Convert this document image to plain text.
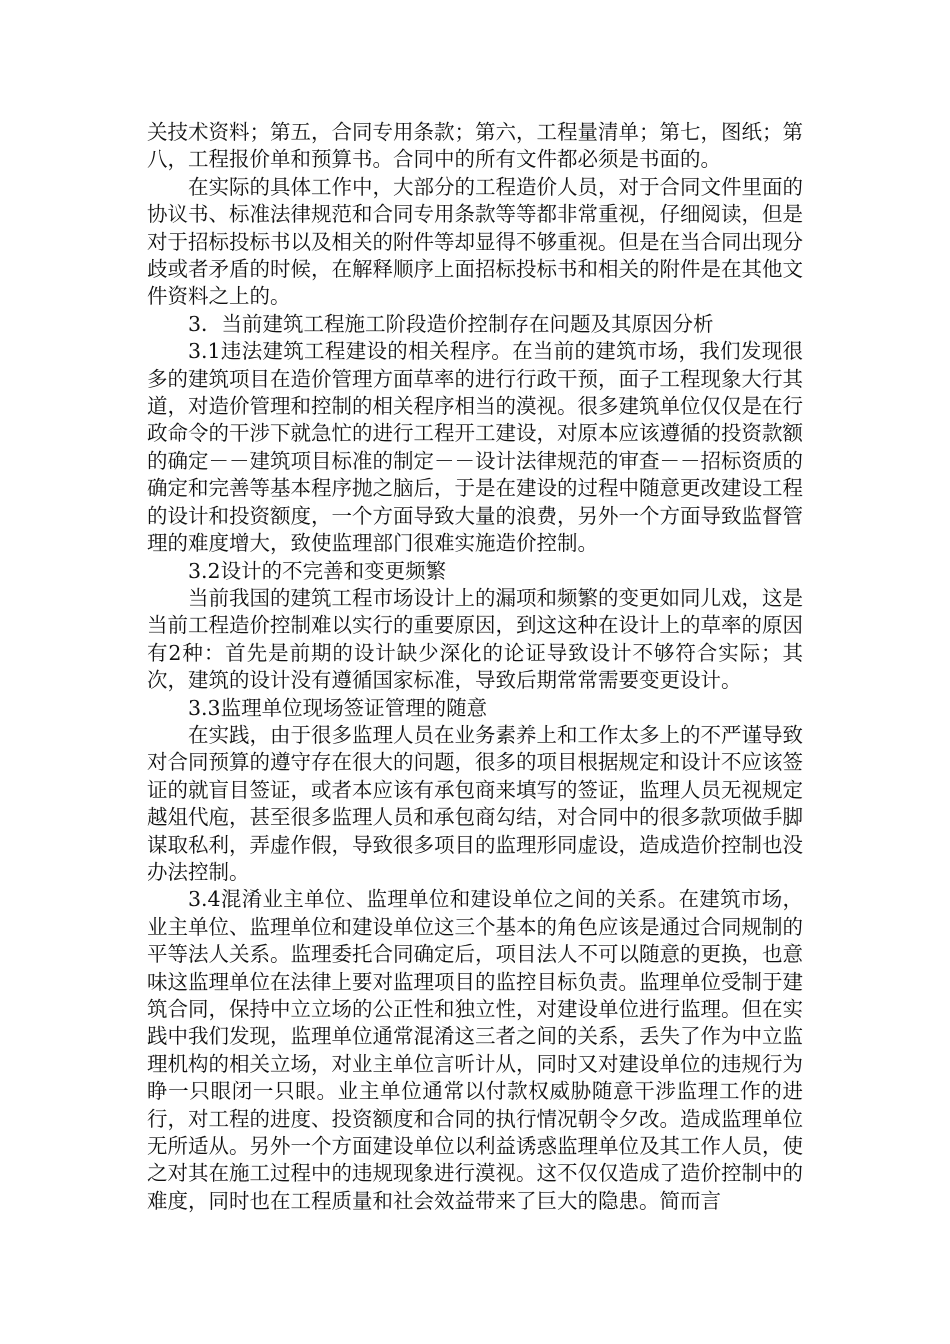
关技术资料；第五，合同专用条款；第六，工程量清单；第七，图纸；第八，工程报价单和预算书。合同中的所有文件都必须是书面的。

在实际的具体工作中，大部分的工程造价人员，对于合同文件里面的协议书、标准法律规范和合同专用条款等等都非常重视，仔细阅读，但是对于招标投标书以及相关的附件等却显得不够重视。但是在当合同出现分歧或者矛盾的时候，在解释顺序上面招标投标书和相关的附件是在其他文件资料之上的。

3．当前建筑工程施工阶段造价控制存在问题及其原因分析

3.1违法建筑工程建设的相关程序。在当前的建筑市场，我们发现很多的建筑项目在造价管理方面草率的进行行政干预，面子工程现象大行其道，对造价管理和控制的相关程序相当的漠视。很多建筑单位仅仅是在行政命令的干涉下就急忙的进行工程开工建设，对原本应该遵循的投资款额的确定－－建筑项目标准的制定－－设计法律规范的审查－－招标资质的确定和完善等基本程序抛之脑后，于是在建设的过程中随意更改建设工程的设计和投资额度，一个方面导致大量的浪费，另外一个方面导致监督管理的难度增大，致使监理部门很难实施造价控制。

3.2设计的不完善和变更频繁

当前我国的建筑工程市场设计上的漏项和频繁的变更如同儿戏，这是当前工程造价控制难以实行的重要原因，到这这种在设计上的草率的原因有2种：首先是前期的设计缺少深化的论证导致设计不够符合实际；其次，建筑的设计没有遵循国家标准，导致后期常常需要变更设计。

3.3监理单位现场签证管理的随意

在实践，由于很多监理人员在业务素养上和工作太多上的不严谨导致对合同预算的遵守存在很大的问题，很多的项目根据规定和设计不应该签证的就盲目签证，或者本应该有承包商来填写的签证，监理人员无视规定越俎代庖，甚至很多监理人员和承包商勾结，对合同中的很多款项做手脚谋取私利，弄虚作假，导致很多项目的监理形同虚设，造成造价控制也没办法控制。

3.4混淆业主单位、监理单位和建设单位之间的关系。在建筑市场，业主单位、监理单位和建设单位这三个基本的角色应该是通过合同规制的平等法人关系。监理委托合同确定后，项目法人不可以随意的更换，也意味这监理单位在法律上要对监理项目的监控目标负责。监理单位受制于建筑合同，保持中立立场的公正性和独立性，对建设单位进行监理。但在实践中我们发现，监理单位通常混淆这三者之间的关系，丢失了作为中立监理机构的相关立场，对业主单位言听计从，同时又对建设单位的违规行为睁一只眼闭一只眼。业主单位通常以付款权威胁随意干涉监理工作的进行，对工程的进度、投资额度和合同的执行情况朝令夕改。造成监理单位无所适从。另外一个方面建设单位以利益诱惑监理单位及其工作人员，使之对其在施工过程中的违规现象进行漠视。这不仅仅造成了造价控制中的难度，同时也在工程质量和社会效益带来了巨大的隐患。简而言
